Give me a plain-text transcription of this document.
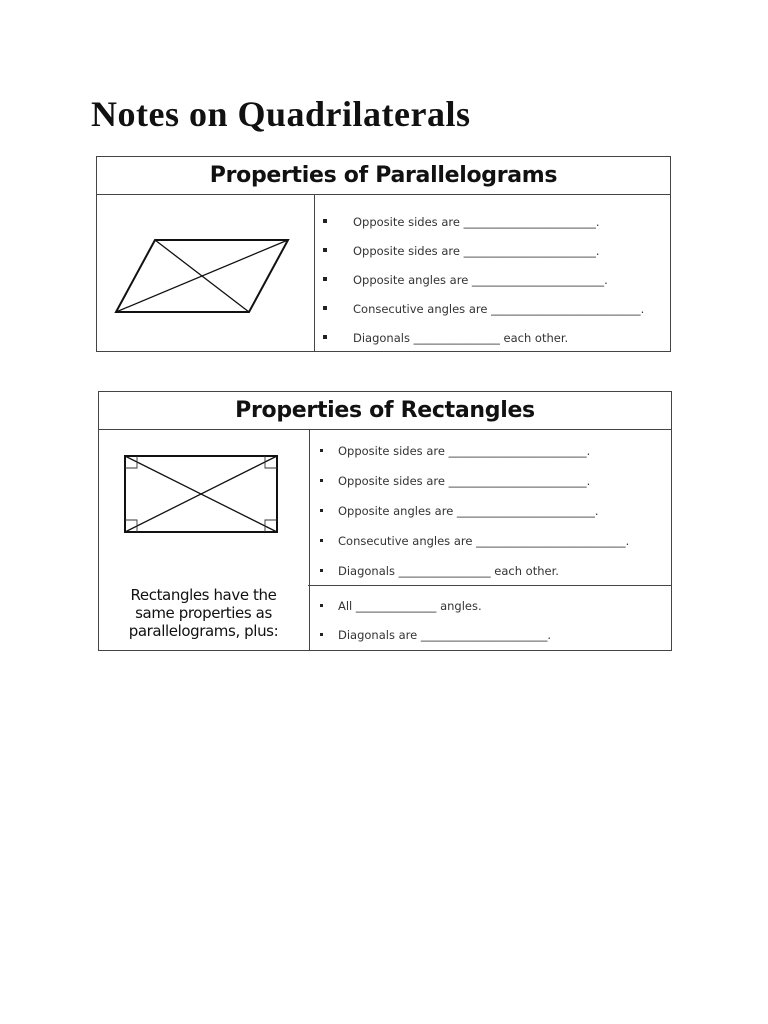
Notes on Quadrilaterals
Properties of Parallelograms
Opposite sides are _______________________.
Opposite sides are _______________________.
Opposite angles are _______________________.
Consecutive angles are __________________________.
Diagonals _______________ each other.
Properties of Rectangles
Rectangles have the same properties as parallelograms, plus:
Opposite sides are ________________________.
Opposite sides are ________________________.
Opposite angles are ________________________.
Consecutive angles are __________________________.
Diagonals ________________ each other.
All ______________ angles.
Diagonals are ______________________.
